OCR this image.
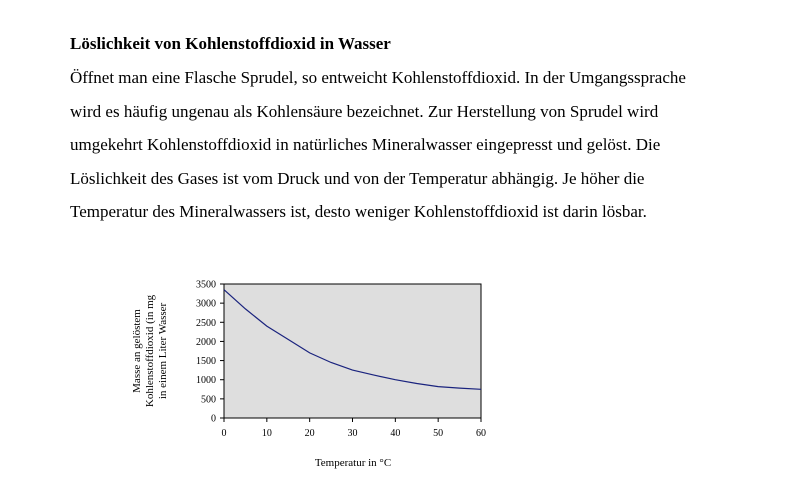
Löslichkeit von Kohlenstoffdioxid in Wasser

Öffnet man eine Flasche Sprudel, so entweicht Kohlenstoffdioxid. In der Umgangssprache
wird es häufig ungenau als Kohlensäure bezeichnet. Zur Herstellung von Sprudel wird
umgekehrt Kohlenstoffdioxid in natürliches Mineralwasser eingepresst und gelöst. Die
Löslichkeit des Gases ist vom Druck und von der Temperatur abhängig. Je höher die
Temperatur des Mineralwassers ist, desto weniger Kohlenstoffdioxid ist darin lösbar.

0
500
1000
1500
2000
2500
3000
3500
0	10	20	30	40	50	60
Masse an gelöstem Kohlenstoffdioxid (in mg in einem Liter Wasser
Temperatur in °C
